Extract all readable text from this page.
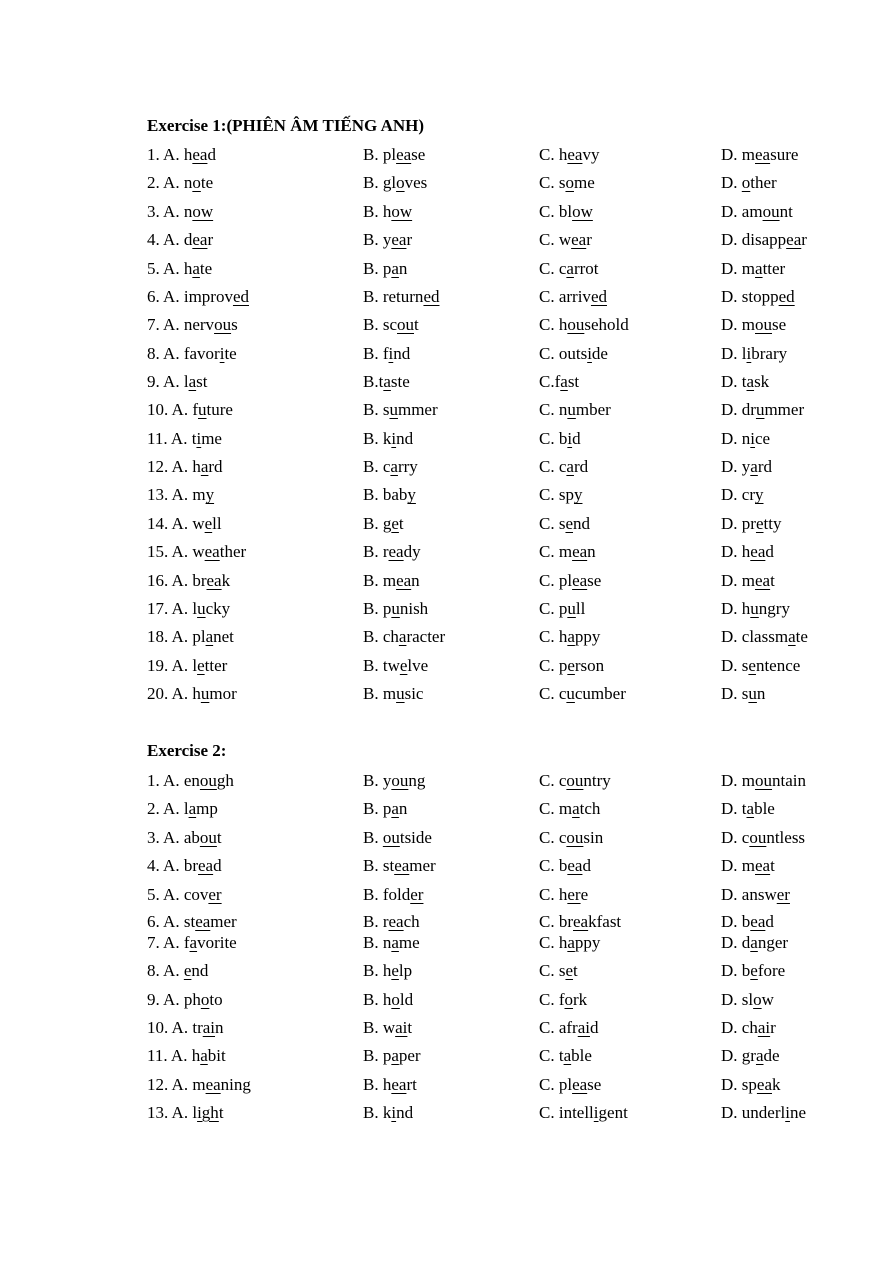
Exercise 1:(PHIÊN ÂM TIẾNG ANH)
1. A. head	B. please	C. heavy	D. measure
2. A. note	B. gloves	C. some	D. other
3. A. now	B. how	C. blow	D. amount
4. A. dear	B. year	C. wear	D. disappear
5. A. hate	B. pan	C. carrot	D. matter
6. A. improved	B. returned	C. arrived	D. stopped
7. A. nervous	B. scout	C. household	D. mouse
8. A. favorite	B. find	C. outside	D. library
9. A. last	B.taste	C.fast	D. task
10. A. future	B. summer	C. number	D. drummer
11. A. time	B. kind	C. bid	D. nice
12. A. hard	B. carry	C. card	D. yard
13. A. my	B. baby	C. spy	D. cry
14. A. well	B. get	C. send	D. pretty
15. A. weather	B. ready	C. mean	D. head
16. A. break	B. mean	C. please	D. meat
17. A. lucky	B. punish	C. pull	D. hungry
18. A. planet	B. character	C. happy	D. classmate
19. A. letter	B. twelve	C. person	D. sentence
20. A. humor	B. music	C. cucumber	D. sun
Exercise 2:
1. A. enough	B. young	C. country	D. mountain
2. A. lamp	B. pan	C. match	D. table
3. A. about	B. outside	C. cousin	D. countless
4. A. bread	B. steamer	C. bead	D. meat
5. A. cover	B. folder	C. here	D. answer
6. A. steamer	B. reach	C. breakfast	D. bead
7. A. favorite	B. name	C. happy	D. danger
8. A. end	B. help	C. set	D. before
9. A. photo	B. hold	C. fork	D. slow
10. A. train	B. wait	C. afraid	D. chair
11. A. habit	B. paper	C. table	D. grade
12. A. meaning	B. heart	C. please	D. speak
13. A. light	B. kind	C. intelligent	D. underline
